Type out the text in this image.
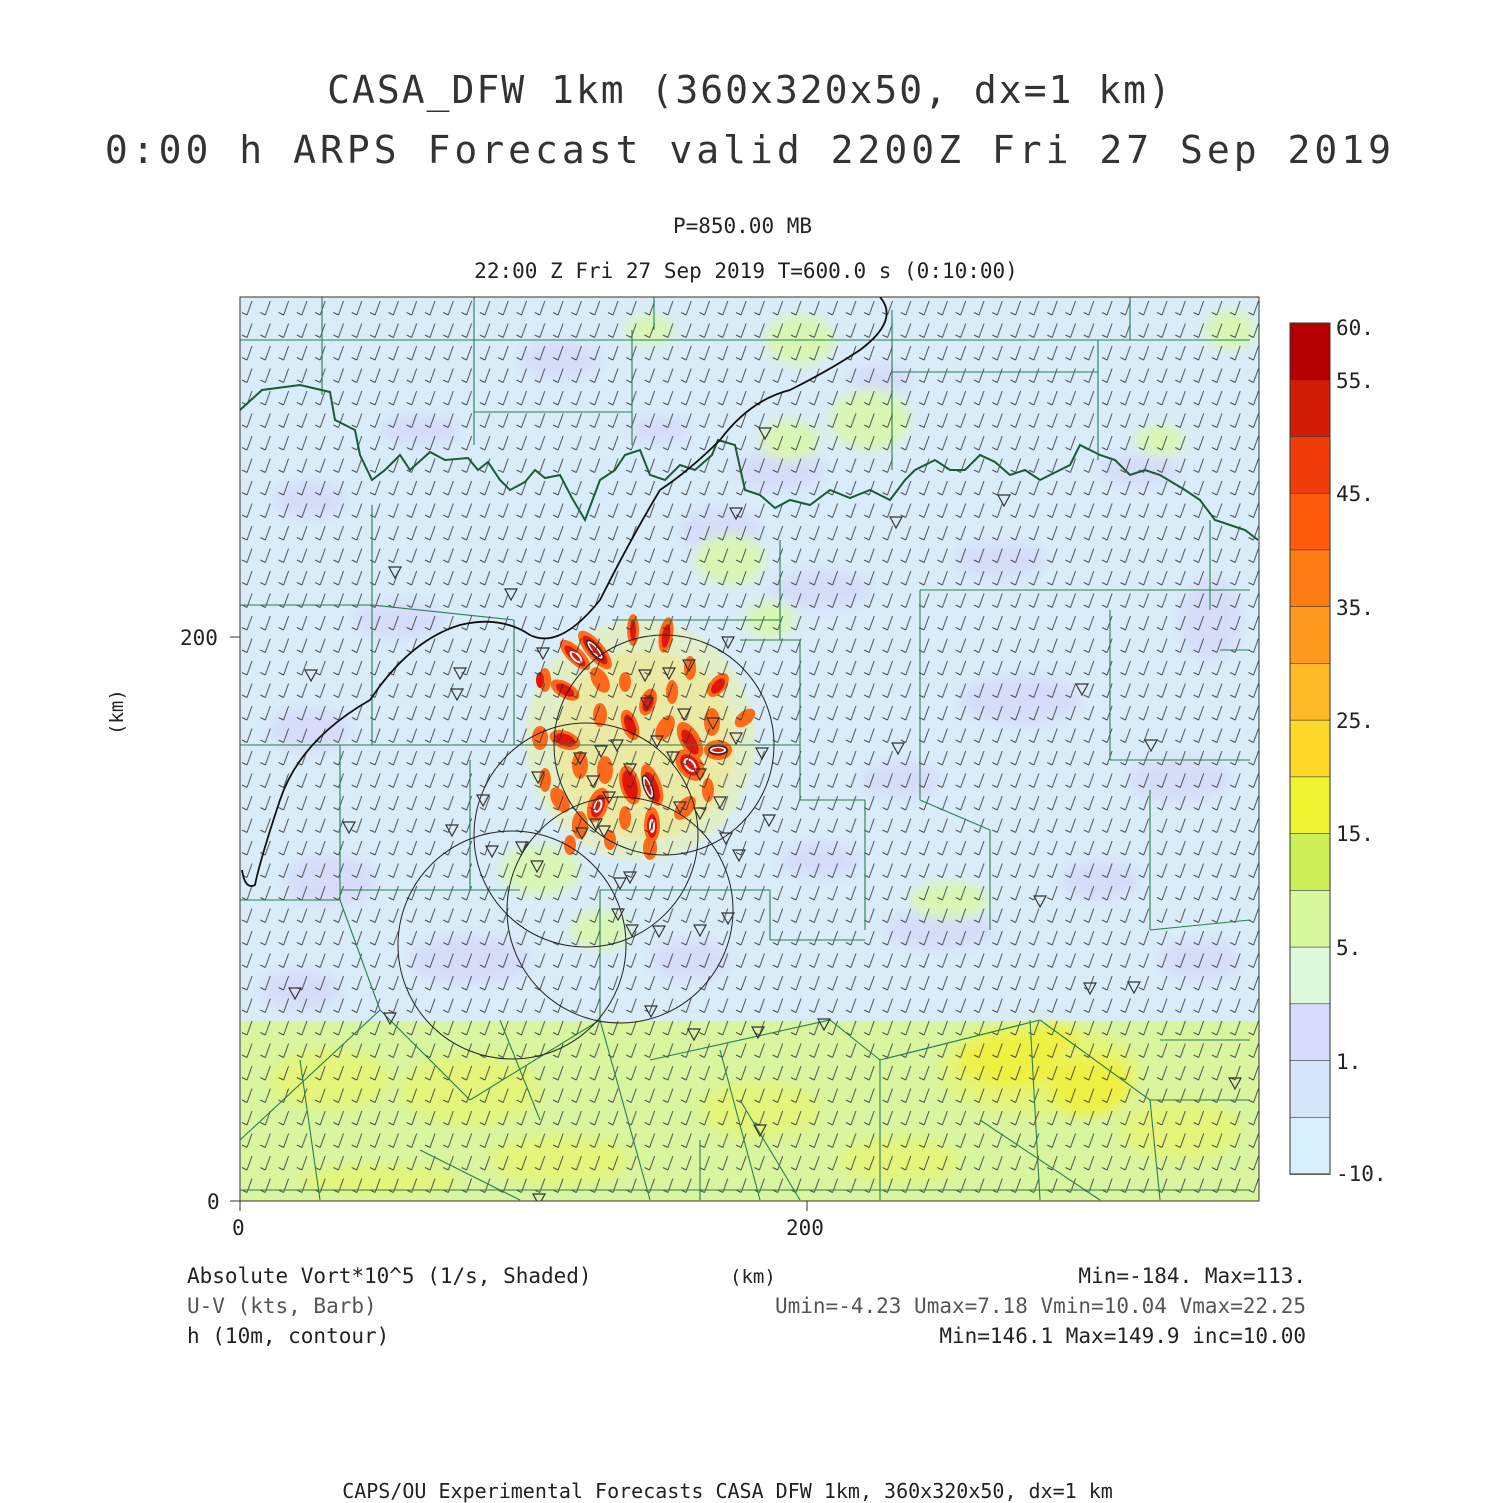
CASA_DFW 1km (360x320x50, dx=1 km)
0:00 h ARPS Forecast valid 2200Z Fri 27 Sep 2019
P=850.00 MB
22:00 Z Fri 27 Sep 2019 T=600.0 s (0:10:00)
200
0
0	200
(km)
(km)
60.
55.
45.
35.
25.
15.
5.
1.
-10.
Absolute Vort*10^5 (1/s, Shaded)
U-V (kts, Barb)
h (10m, contour)
Min=-184. Max=113.
Umin=-4.23 Umax=7.18 Vmin=10.04 Vmax=22.25
Min=146.1 Max=149.9 inc=10.00
CAPS/OU Experimental Forecasts CASA DFW 1km, 360x320x50, dx=1 km
